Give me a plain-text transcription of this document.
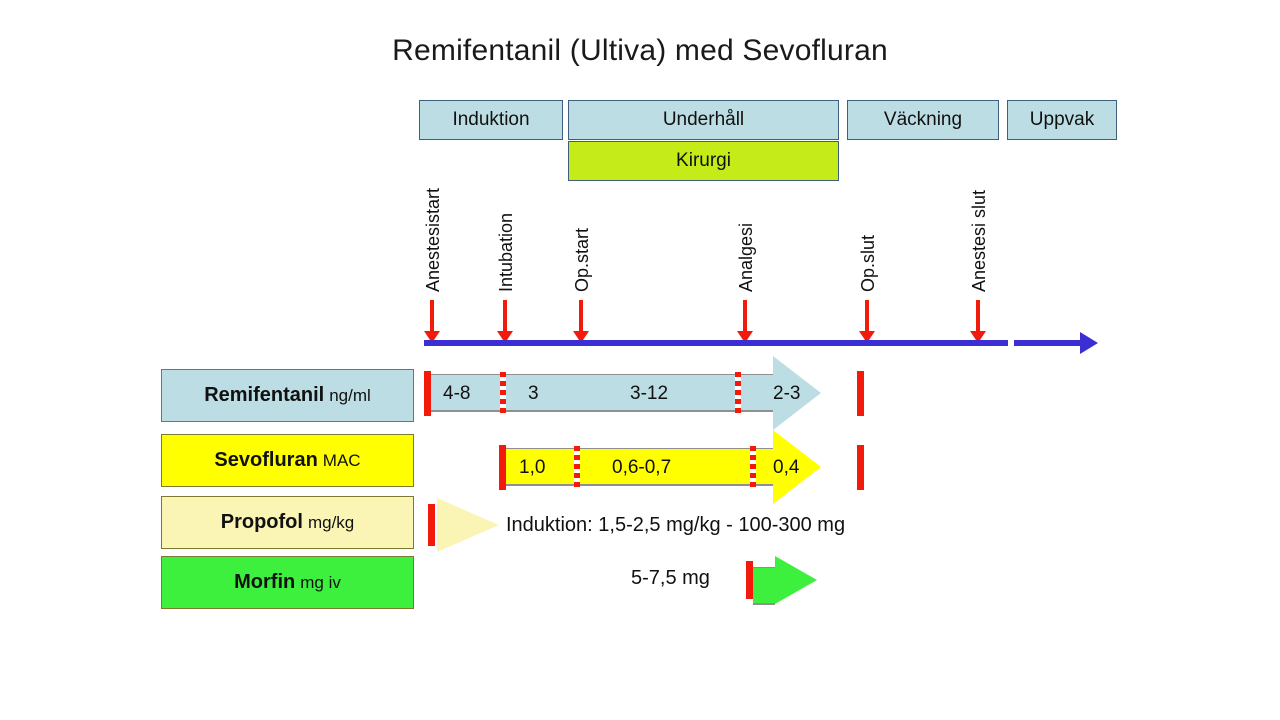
Remifentanil (Ultiva) med Sevofluran
Induktion	Underhåll	Väckning	Uppvak
Kirurgi
Anestesistart	Intubation	Op.start	Analgesi	Op.slut	Anestesi slut
Remifentanil ng/ml
Sevofluran MAC
Propofol mg/kg
Morfin mg iv
4-8	3	3-12	2-3
1,0	0,6-0,7	0,4
Induktion: 1,5-2,5 mg/kg - 100-300 mg
5-7,5 mg
